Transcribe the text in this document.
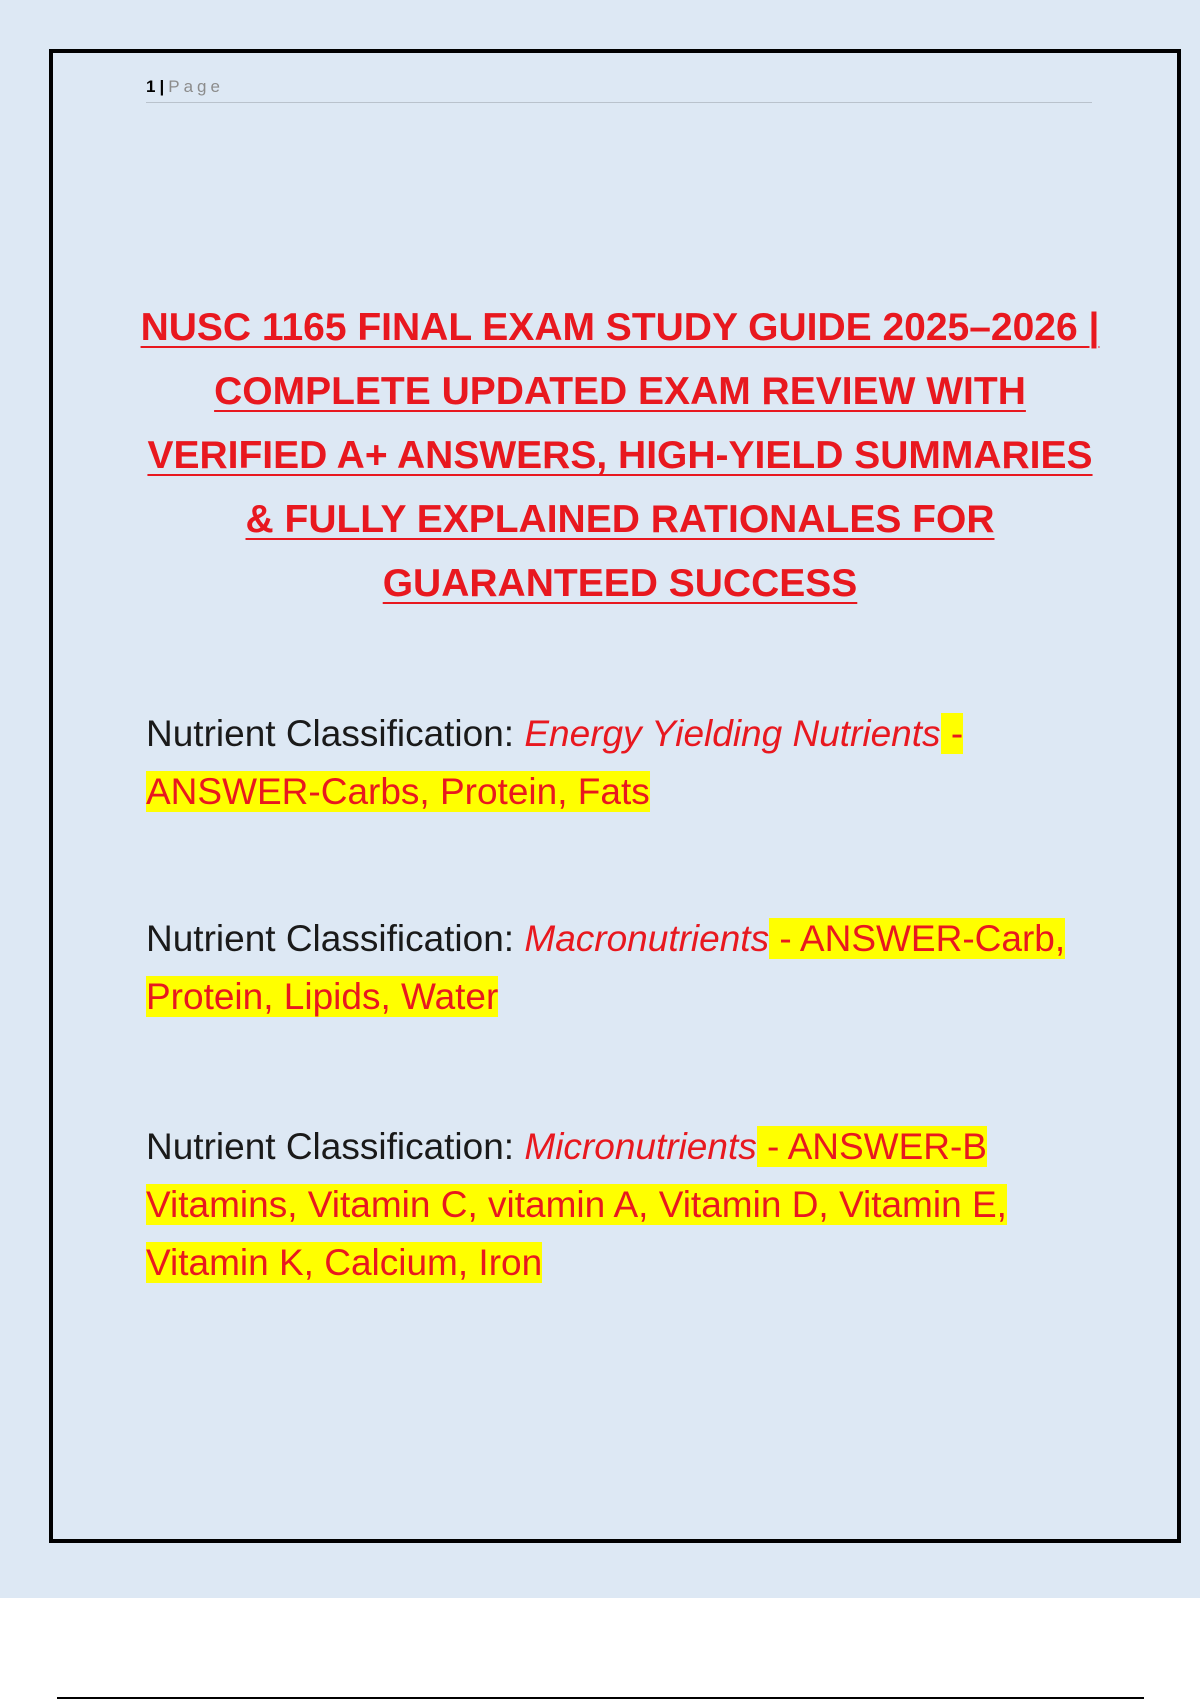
1 | Page
NUSC 1165 FINAL EXAM STUDY GUIDE 2025–2026 | COMPLETE UPDATED EXAM REVIEW WITH VERIFIED A+ ANSWERS, HIGH-YIELD SUMMARIES & FULLY EXPLAINED RATIONALES FOR GUARANTEED SUCCESS

Nutrient Classification: Energy Yielding Nutrients - ANSWER-Carbs, Protein, Fats

Nutrient Classification: Macronutrients - ANSWER-Carb, Protein, Lipids, Water

Nutrient Classification: Micronutrients - ANSWER-B Vitamins, Vitamin C, vitamin A, Vitamin D, Vitamin E, Vitamin K, Calcium, Iron
